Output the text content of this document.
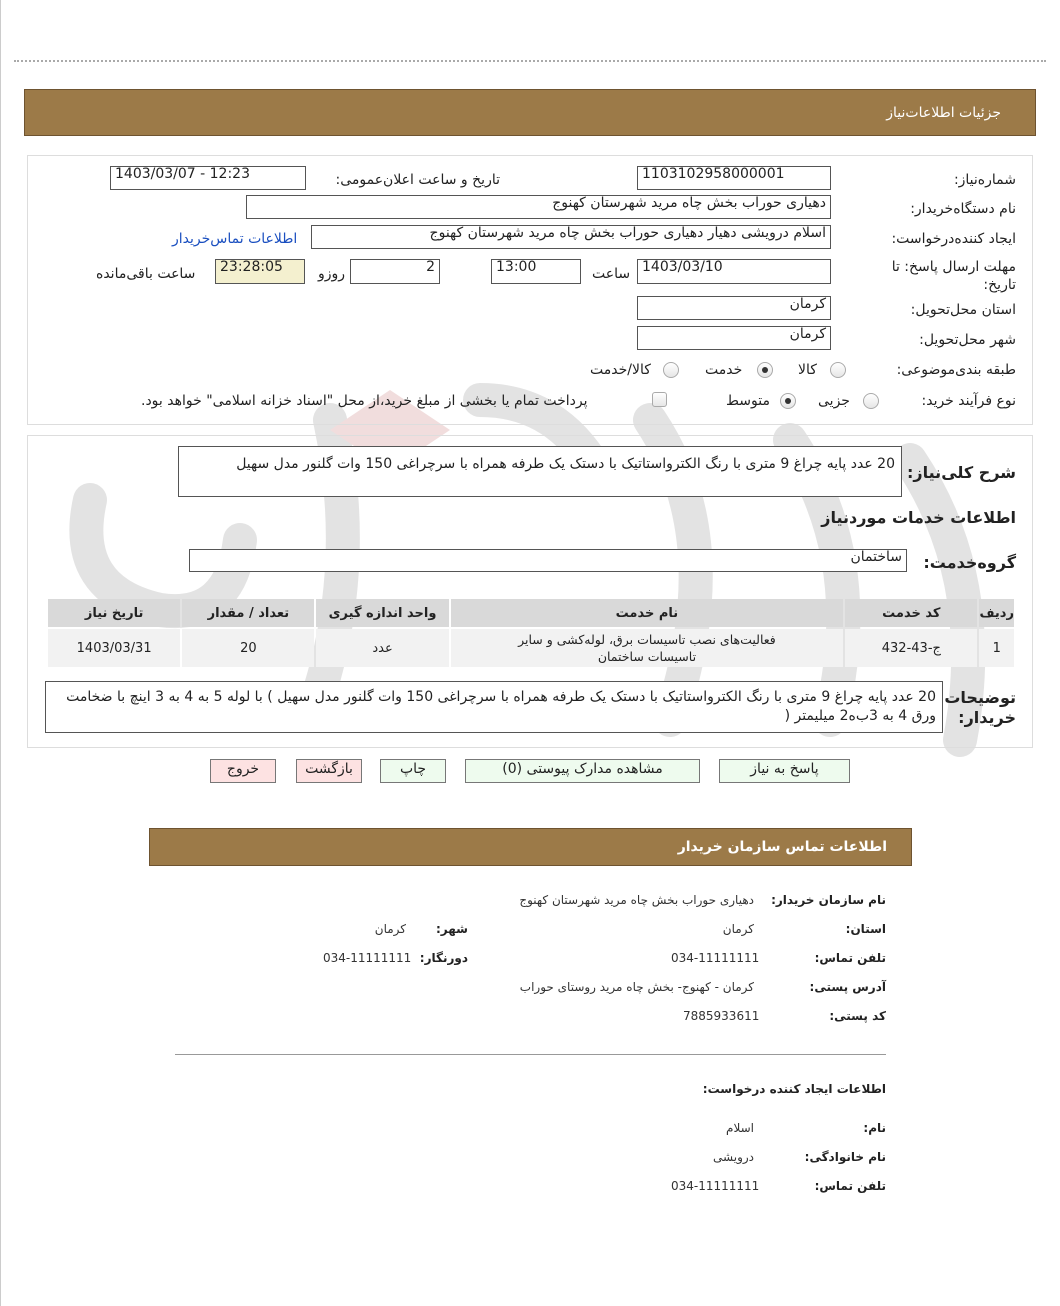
جزئيات اطلاعات‌نیاز
شماره‌نیاز:
1103102958000001
تاریخ و ساعت اعلان‌عمومی:
1403/03/07 - 12:23
نام دستگاه‌خریدار:
دهیاری حوراب بخش چاه مرید شهرستان کهنوج
ایجاد کننده‌درخواست:
اسلام درویشی دهیار دهیاری حوراب بخش چاه مرید شهرستان کهنوج
اطلاعات تماس‌خریدار
مهلت ارسال پاسخ: تا تاریخ:
1403/03/10
ساعت
13:00
2
روزو
23:28:05
ساعت باقی‌مانده
استان محل‌تحویل:
کرمان
شهر محل‌تحویل:
کرمان
طبقه بندی‌موضوعی:
کالا
خدمت
کالا/خدمت
نوع فرآیند خرید:
جزیی
متوسط
پرداخت تمام یا بخشی از مبلغ خرید،از محل "اسناد خزانه اسلامی" خواهد بود.
شرح کلی‌نیاز:
20 عدد پایه چراغ 9 متری با رنگ الکترواستاتیک با دستک یک طرفه همراه با سرچراغی 150 وات گلنور مدل سهیل
اطلاعات خدمات موردنیاز
گروه‌خدمت:
ساختمان
ردیف	کد خدمت	نام خدمت	واحد اندازه گیری	تعداد / مقدار	تاریخ نیاز
1	ج-43-432	فعالیت‌های نصب تاسیسات برق، لوله‌کشی و سایر تاسیسات ساختمان	عدد	20	1403/03/31
توضیحات خریدار:
20 عدد پایه چراغ 9 متری با رنگ الکترواستاتیک با دستک یک طرفه همراه با سرچراغی 150 وات گلنور مدل سهیل ) با لوله 5 به 4 به 3 اینچ با ضخامت ورق 4 به 3ب‌ه2 میلیمتر (
پاسخ به نیاز
مشاهده مدارک پیوستی (0)
چاپ
بازگشت
خروج
اطلاعات تماس سازمان خریدار
نام سازمان خریدار:
دهیاری حوراب بخش چاه مرید شهرستان کهنوج
استان:
کرمان
شهر:
کرمان
تلفن تماس:
034-11111111
دورنگار:
034-11111111
آدرس پستی:
کرمان - کهنوج- بخش چاه مرید روستای حوراب
کد پستی:
7885933611
اطلاعات ایجاد کننده درخواست:
نام:
اسلام
نام خانوادگی:
درویشی
تلفن تماس:
034-11111111
